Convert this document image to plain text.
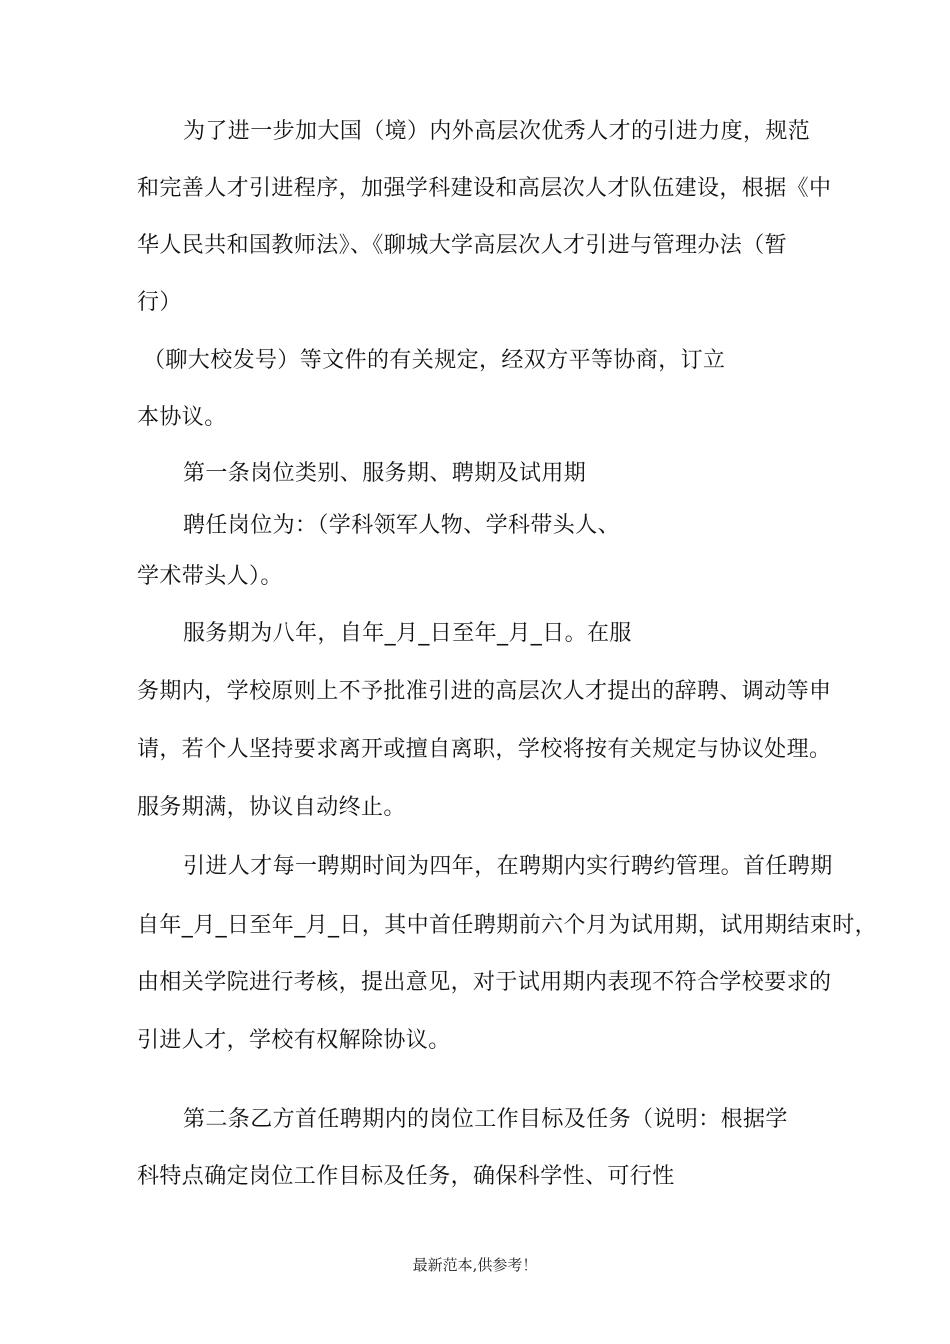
为了进一步加大国（境）内外高层次优秀人才的引进力度，规范
和完善人才引进程序，加强学科建设和高层次人才队伍建设，根据《中
华人民共和国教师法》、《聊城大学高层次人才引进与管理办法（暂
行）
（聊大校发号）等文件的有关规定，经双方平等协商，订立
本协议。
第一条岗位类别、服务期、聘期及试用期
聘任岗位为：（学科领军人物、学科带头人、
学术带头人）。
服务期为八年，自年_月_日至年_月_日。在服
务期内，学校原则上不予批准引进的高层次人才提出的辞聘、调动等申
请，若个人坚持要求离开或擅自离职，学校将按有关规定与协议处理。
服务期满，协议自动终止。
引进人才每一聘期时间为四年，在聘期内实行聘约管理。首任聘期
自年_月_日至年_月_日，其中首任聘期前六个月为试用期，试用期结束时，
由相关学院进行考核，提出意见，对于试用期内表现不符合学校要求的
引进人才，学校有权解除协议。
第二条乙方首任聘期内的岗位工作目标及任务（说明：根据学
科特点确定岗位工作目标及任务，确保科学性、可行性
最新范本,供参考！
